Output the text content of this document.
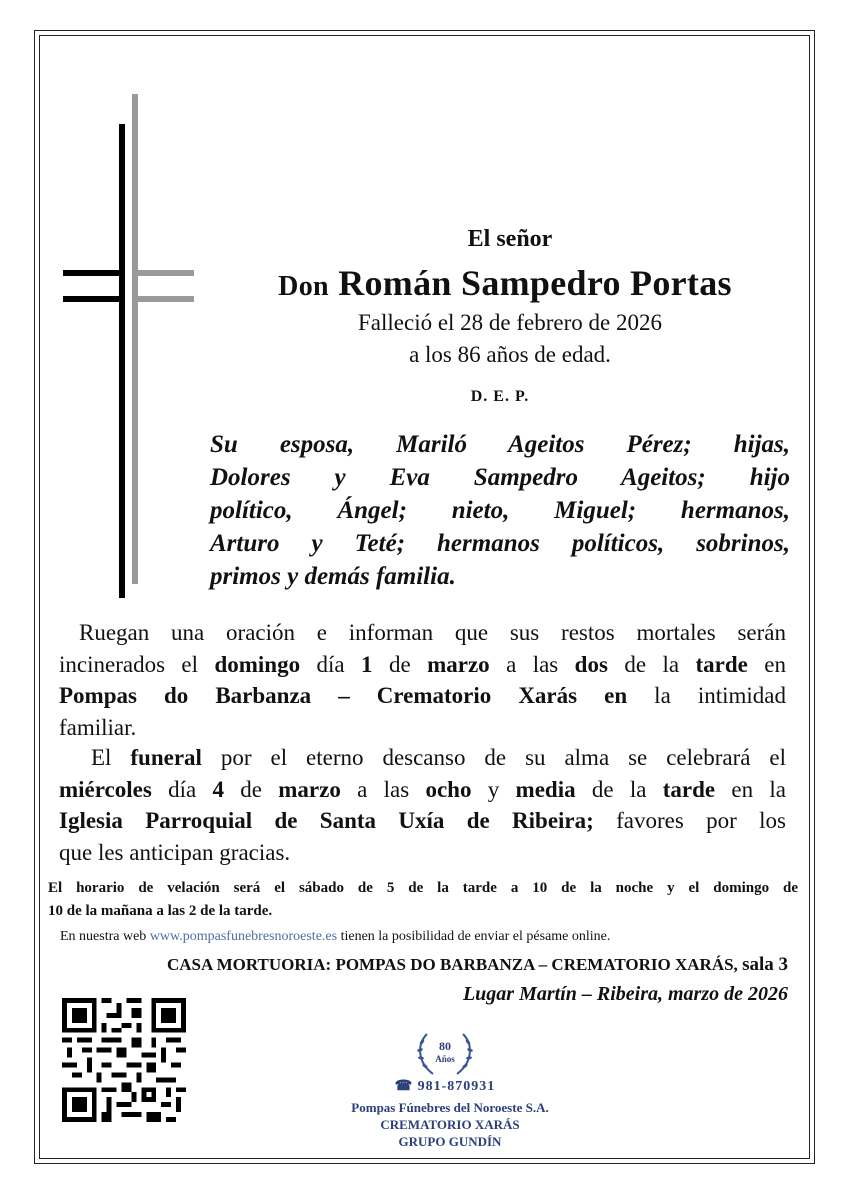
El señor

Don Román Sampedro Portas

Falleció el 28 de febrero de 2026

a los 86 años de edad.

D. E. P.

Su esposa, Mariló Ageitos Pérez; hijas,
Dolores y Eva Sampedro Ageitos; hijo
político, Ángel; nieto, Miguel; hermanos,
Arturo y Teté; hermanos políticos, sobrinos,
primos y demás familia.

Ruegan una oración e informan que sus restos mortales serán
incinerados el domingo día 1 de marzo a las dos de la tarde en
Pompas do Barbanza – Crematorio Xarás en la intimidad
familiar.
El funeral por el eterno descanso de su alma se celebrará el
miércoles día 4 de marzo a las ocho y media de la tarde en la
Iglesia Parroquial de Santa Uxía de Ribeira; favores por los
que les anticipan gracias.
El horario de velación será el sábado de 5 de la tarde a 10 de la noche y el domingo de
10 de la mañana a las 2 de la tarde.

En nuestra web www.pompasfunebresnoroeste.es tienen la posibilidad de enviar el pésame online.

CASA MORTUORIA: POMPAS DO BARBANZA – CREMATORIO XARÁS, sala 3

Lugar Martín – Ribeira, marzo de 2026

80
Años

☎ 981-870931

Pompas Fúnebres del Noroeste S.A.

CREMATORIO XARÁS

GRUPO GUNDÍN
